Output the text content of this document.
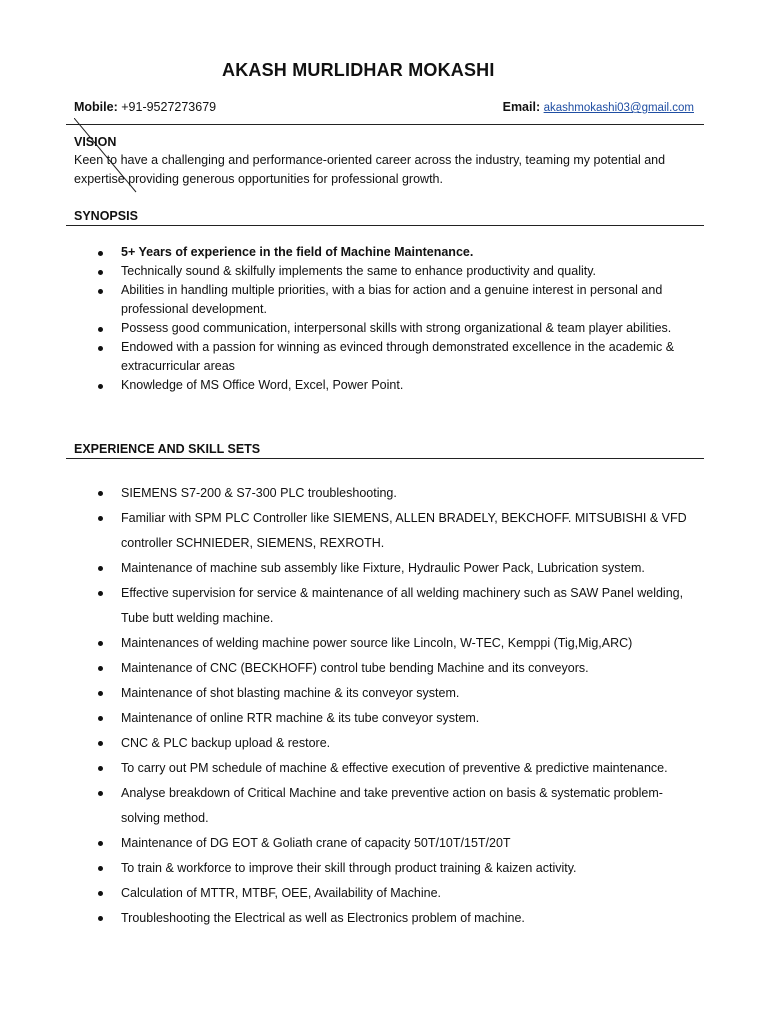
AKASH MURLIDHAR MOKASHI
Mobile: +91-9527273679	Email: akashmokashi03@gmail.com
VISION

Keen to have a challenging and performance-oriented career across the industry, teaming my potential and expertise providing generous opportunities for professional growth.

SYNOPSIS
5+ Years of experience in the field of Machine Maintenance.
Technically sound & skilfully implements the same to enhance productivity and quality.
Abilities in handling multiple priorities, with a bias for action and a genuine interest in personal and professional development.
Possess good communication, interpersonal skills with strong organizational & team player abilities.
Endowed with a passion for winning as evinced through demonstrated excellence in the academic & extracurricular areas
Knowledge of MS Office Word, Excel, Power Point.
EXPERIENCE AND SKILL SETS
SIEMENS S7-200 & S7-300 PLC troubleshooting.
Familiar with SPM PLC Controller like SIEMENS, ALLEN BRADELY, BEKCHOFF. MITSUBISHI & VFD controller SCHNIEDER, SIEMENS, REXROTH.
Maintenance of machine sub assembly like Fixture, Hydraulic Power Pack, Lubrication system.
Effective supervision for service & maintenance of all welding machinery such as SAW Panel welding, Tube butt welding machine.
Maintenances of welding machine power source like Lincoln, W-TEC, Kemppi (Tig,Mig,ARC)
Maintenance of CNC (BECKHOFF) control tube bending Machine and its conveyors.
Maintenance of shot blasting machine & its conveyor system.
Maintenance of online RTR machine & its tube conveyor system.
CNC & PLC backup upload & restore.
To carry out PM schedule of machine & effective execution of preventive & predictive maintenance.
Analyse breakdown of Critical Machine and take preventive action on basis & systematic problem-solving method.
Maintenance of DG EOT & Goliath crane of capacity 50T/10T/15T/20T
To train & workforce to improve their skill through product training & kaizen activity.
Calculation of MTTR, MTBF, OEE, Availability of Machine.
Troubleshooting the Electrical as well as Electronics problem of machine.
